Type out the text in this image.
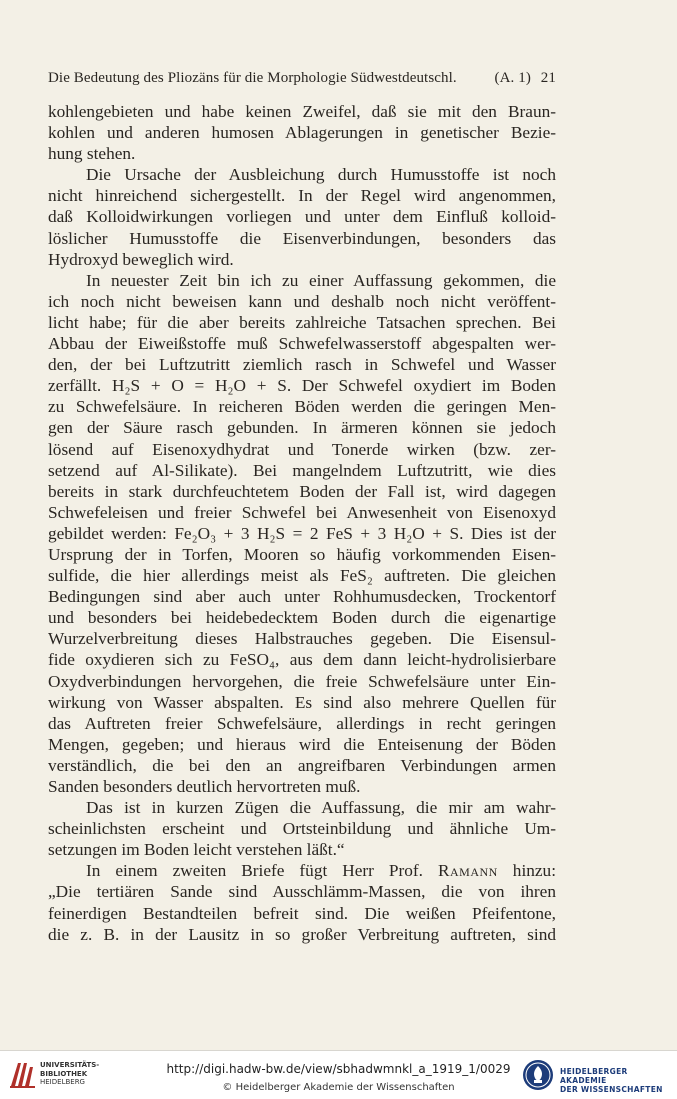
Die Bedeutung des Pliozäns für die Morphologie Südwestdeutschl.	(A. 1) 21
kohlengebieten und habe keinen Zweifel, daß sie mit den Braun-
kohlen und anderen humosen Ablagerungen in genetischer Bezie-
hung stehen.
Die Ursache der Ausbleichung durch Humusstoffe ist noch
nicht hinreichend sichergestellt. In der Regel wird angenommen,
daß Kolloidwirkungen vorliegen und unter dem Einfluß kolloid-
löslicher Humusstoffe die Eisenverbindungen, besonders das
Hydroxyd beweglich wird.
In neuester Zeit bin ich zu einer Auffassung gekommen, die
ich noch nicht beweisen kann und deshalb noch nicht veröffent-
licht habe; für die aber bereits zahlreiche Tatsachen sprechen. Bei
Abbau der Eiweißstoffe muß Schwefelwasserstoff abgespalten wer-
den, der bei Luftzutritt ziemlich rasch in Schwefel und Wasser
zerfällt. H₂S + O = H₂O + S. Der Schwefel oxydiert im Boden
zu Schwefelsäure. In reicheren Böden werden die geringen Men-
gen der Säure rasch gebunden. In ärmeren können sie jedoch
lösend auf Eisenoxydhydrat und Tonerde wirken (bzw. zer-
setzend auf Al-Silikate). Bei mangelndem Luftzutritt, wie dies
bereits in stark durchfeuchtetem Boden der Fall ist, wird dagegen
Schwefeleisen und freier Schwefel bei Anwesenheit von Eisenoxyd
gebildet werden: Fe₂O₃ + 3 H₂S = 2 FeS + 3 H₂O + S. Dies ist der
Ursprung der in Torfen, Mooren so häufig vorkommenden Eisen-
sulfide, die hier allerdings meist als FeS₂ auftreten. Die gleichen
Bedingungen sind aber auch unter Rohhumusdecken, Trockentorf
und besonders bei heidebedecktem Boden durch die eigenartige
Wurzelverbreitung dieses Halbstrauches gegeben. Die Eisensul-
fide oxydieren sich zu FeSO₄, aus dem dann leicht-hydrolisierbare
Oxydverbindungen hervorgehen, die freie Schwefelsäure unter Ein-
wirkung von Wasser abspalten. Es sind also mehrere Quellen für
das Auftreten freier Schwefelsäure, allerdings in recht geringen
Mengen, gegeben; und hieraus wird die Enteisenung der Böden
verständlich, die bei den an angreifbaren Verbindungen armen
Sanden besonders deutlich hervortreten muß.
Das ist in kurzen Zügen die Auffassung, die mir am wahr-
scheinlichsten erscheint und Ortsteinbildung und ähnliche Um-
setzungen im Boden leicht verstehen läßt.“
In einem zweiten Briefe fügt Herr Prof. Ramann hinzu:
„Die tertiären Sande sind Ausschlämm-Massen, die von ihren
feinerdigen Bestandteilen befreit sind. Die weißen Pfeifentone,
die z. B. in der Lausitz in so großer Verbreitung auftreten, sind
UNIVERSITÄTS-
BIBLIOTHEK
HEIDELBERG
http://digi.hadw-bw.de/view/sbhadwmnkl_a_1919_1/0029
© Heidelberger Akademie der Wissenschaften
HEIDELBERGER AKADEMIE
DER WISSENSCHAFTEN
